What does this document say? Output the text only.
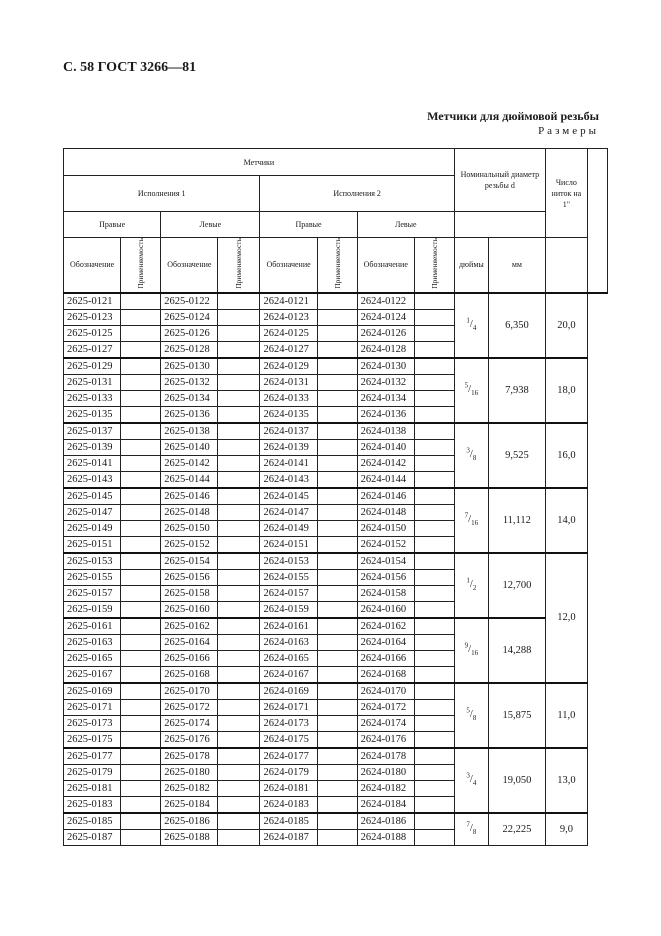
С. 58 ГОСТ 3266—81
Метчики для дюймовой резьбы
Размеры
Метчики								Номинальный диаметр резьбы d		Число ниток на 1"	
Исполнения 1				Исполнения 2							
Правые		Левые		Правые		Левые					
Обозначение	Применяемость	Обозначение	Применяемость	Обозначение	Применяемость	Обозначение	Применяемость	дюймы	мм		
2625-0121		2625-0122		2624-0121		2624-0122		$^1/_4$	6,350	20,0	
2625-0123		2625-0124		2624-0123		2624-0124					
2625-0125		2625-0126		2624-0125		2624-0126					
2625-0127		2625-0128		2624-0127		2624-0128					
2625-0129		2625-0130		2624-0129		2624-0130		$^5/_{16}$	7,938	18,0	
2625-0131		2625-0132		2624-0131		2624-0132					
2625-0133		2625-0134		2624-0133		2624-0134					
2625-0135		2625-0136		2624-0135		2624-0136					
2625-0137		2625-0138		2624-0137		2624-0138		$^3/_8$	9,525	16,0	
2625-0139		2625-0140		2624-0139		2624-0140					
2625-0141		2625-0142		2624-0141		2624-0142					
2625-0143		2625-0144		2624-0143		2624-0144					
2625-0145		2625-0146		2624-0145		2624-0146		$^7/_{16}$	11,112	14,0	
2625-0147		2625-0148		2624-0147		2624-0148					
2625-0149		2625-0150		2624-0149		2624-0150					
2625-0151		2625-0152		2624-0151		2624-0152					
2625-0153		2625-0154		2624-0153		2624-0154		$^1/_2$	12,700	12,0	
2625-0155		2625-0156		2624-0155		2624-0156					
2625-0157		2625-0158		2624-0157		2624-0158					
2625-0159		2625-0160		2624-0159		2624-0160					
2625-0161		2625-0162		2624-0161		2624-0162		$^9/_{16}$	14,288		
2625-0163		2625-0164		2624-0163		2624-0164					
2625-0165		2625-0166		2624-0165		2624-0166					
2625-0167		2625-0168		2624-0167		2624-0168					
2625-0169		2625-0170		2624-0169		2624-0170		$^5/_8$	15,875	11,0	
2625-0171		2625-0172		2624-0171		2624-0172					
2625-0173		2625-0174		2624-0173		2624-0174					
2625-0175		2625-0176		2624-0175		2624-0176					
2625-0177		2625-0178		2624-0177		2624-0178		$^3/_4$	19,050	13,0	
2625-0179		2625-0180		2624-0179		2624-0180					
2625-0181		2625-0182		2624-0181		2624-0182					
2625-0183		2625-0184		2624-0183		2624-0184					
2625-0185		2625-0186		2624-0185		2624-0186		$^7/_8$	22,225	9,0	
2625-0187		2625-0188		2624-0187		2624-0188					
